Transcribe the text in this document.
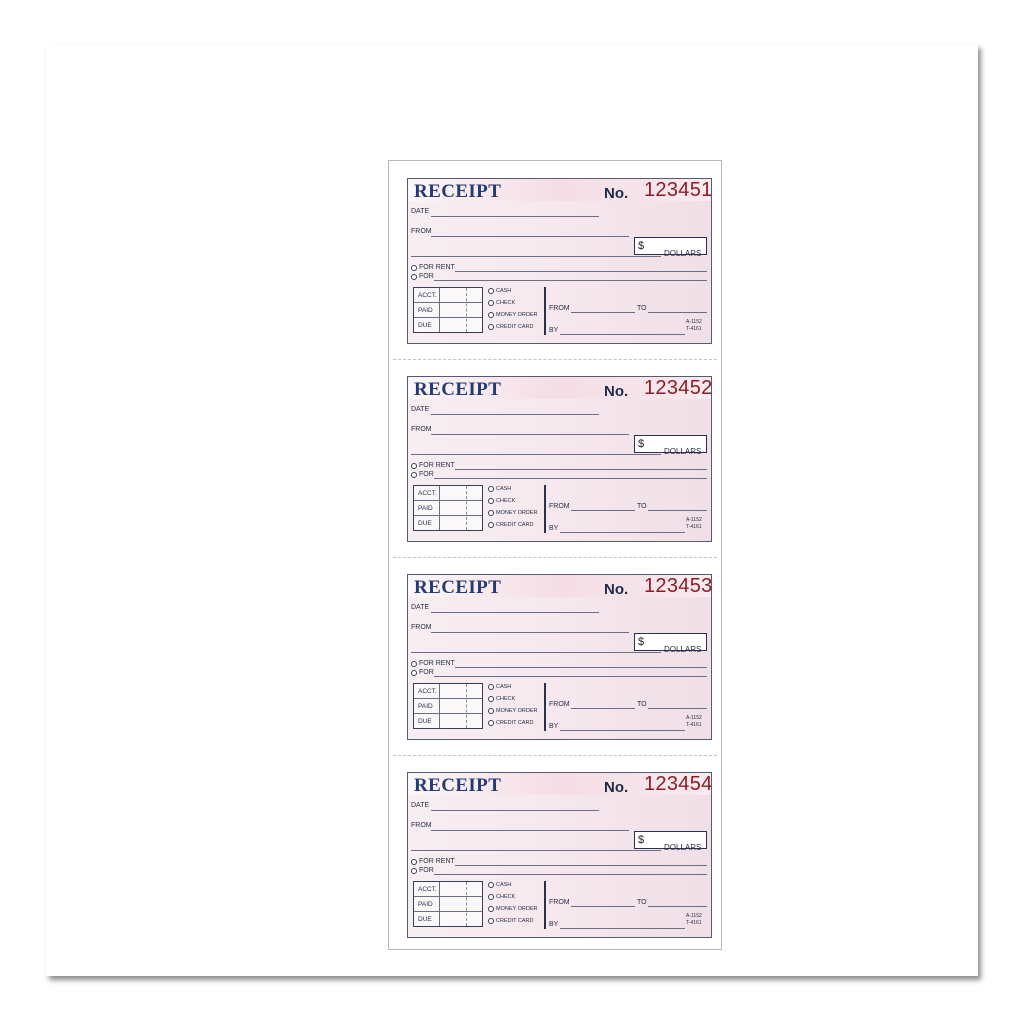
RECEIPT	No. 123451
DATE
FROM
$
DOLLARS
FOR RENT
FOR
ACCT.
PAID
DUE
CASH
CHECK
MONEY ORDER
CREDIT CARD
FROM	TO
BY
A-1152
T-4161
RECEIPT	No. 123452
DATE
FROM
$
DOLLARS
FOR RENT
FOR
ACCT.
PAID
DUE
CASH
CHECK
MONEY ORDER
CREDIT CARD
FROM	TO
BY
A-1152
T-4161
RECEIPT	No. 123453
DATE
FROM
$
DOLLARS
FOR RENT
FOR
ACCT.
PAID
DUE
CASH
CHECK
MONEY ORDER
CREDIT CARD
FROM	TO
BY
A-1152
T-4161
RECEIPT	No. 123454
DATE
FROM
$
DOLLARS
FOR RENT
FOR
ACCT.
PAID
DUE
CASH
CHECK
MONEY ORDER
CREDIT CARD
FROM	TO
BY
A-1152
T-4161
